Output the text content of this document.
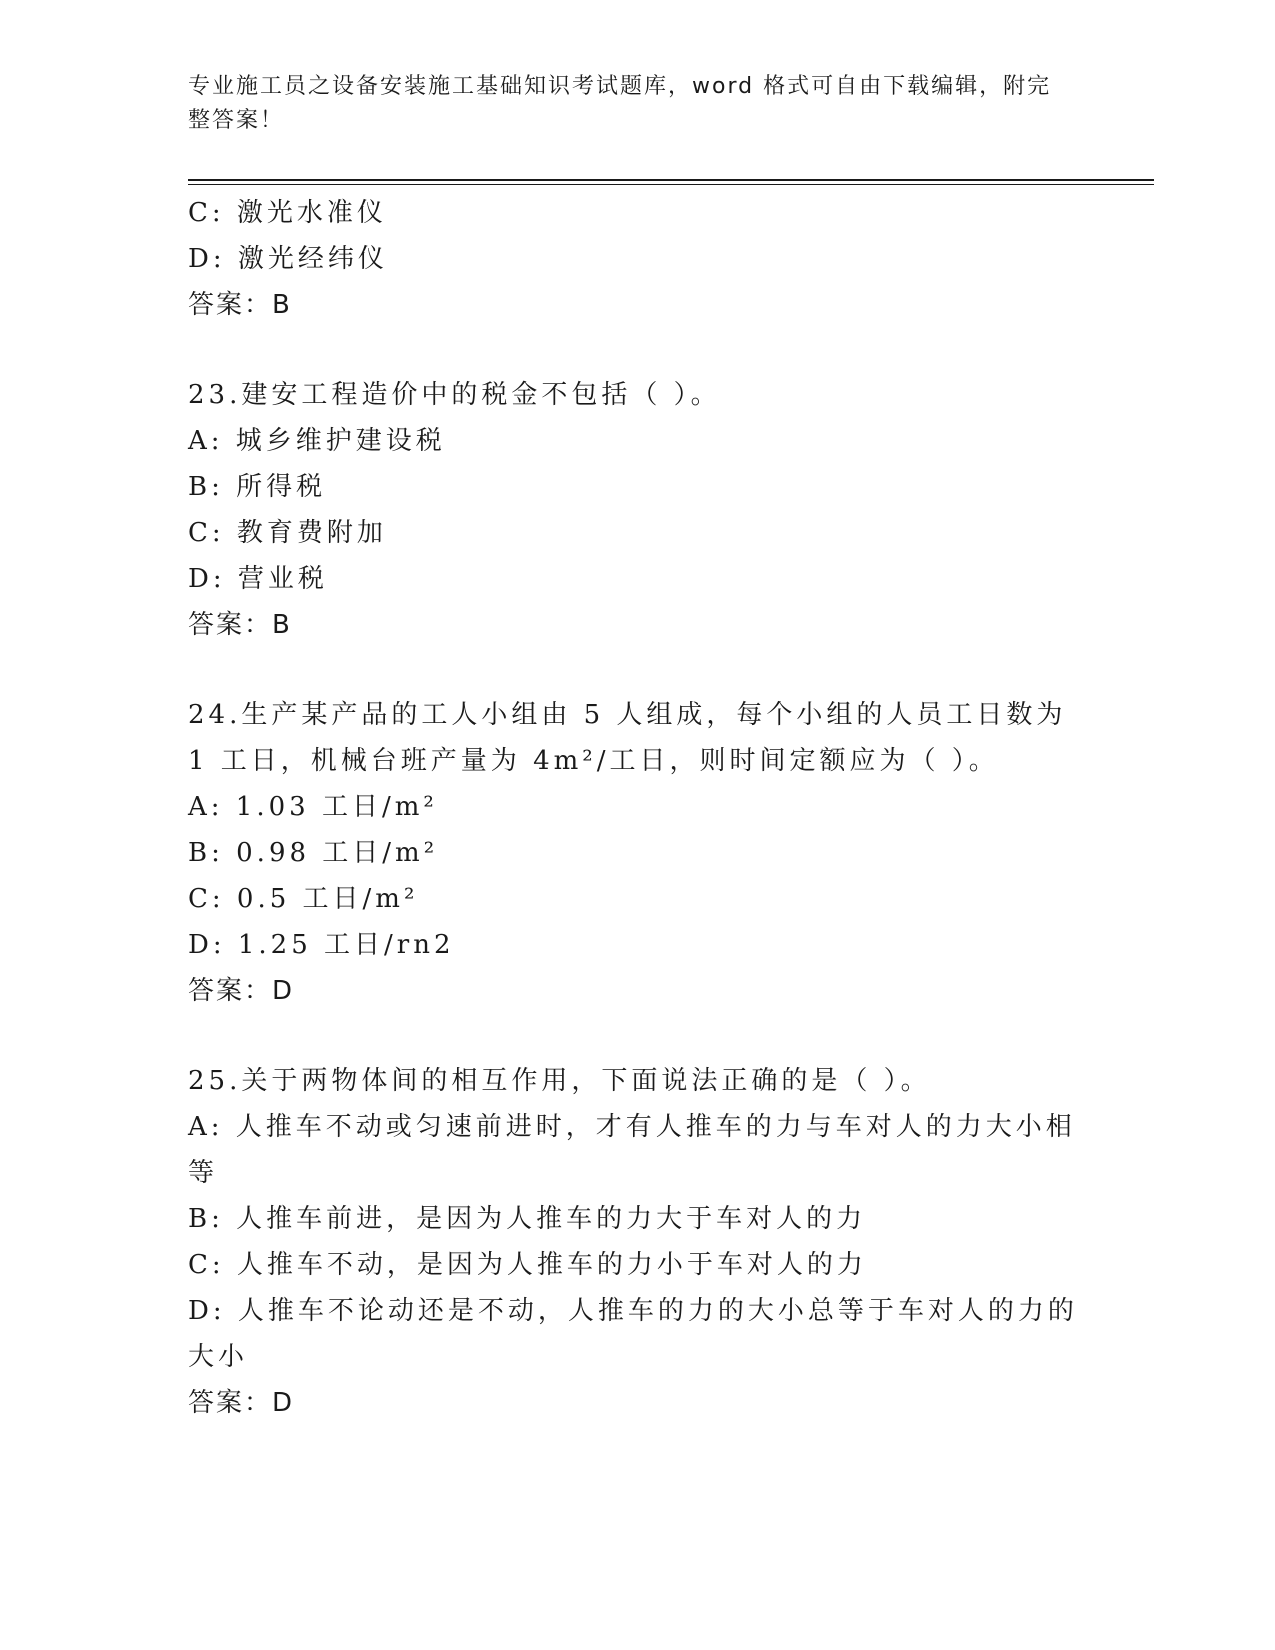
专业施工员之设备安装施工基础知识考试题库，word 格式可自由下载编辑，附完整答案！

C: 激光水准仪

D: 激光经纬仪

答案：B

23.建安工程造价中的税金不包括（ ）。

A: 城乡维护建设税

B: 所得税

C: 教育费附加

D: 营业税

答案：B

24.生产某产品的工人小组由 5 人组成，每个小组的人员工日数为 1 工日，机械台班产量为 4m²/工日，则时间定额应为（ ）。

A: 1.03 工日/m²

B: 0.98 工日/m²

C: 0.5 工日/m²

D: 1.25 工日/rn2

答案：D

25.关于两物体间的相互作用，下面说法正确的是（ ）。

A: 人推车不动或匀速前进时，才有人推车的力与车对人的力大小相等

B: 人推车前进，是因为人推车的力大于车对人的力

C: 人推车不动，是因为人推车的力小于车对人的力

D: 人推车不论动还是不动，人推车的力的大小总等于车对人的力的大小

答案：D
